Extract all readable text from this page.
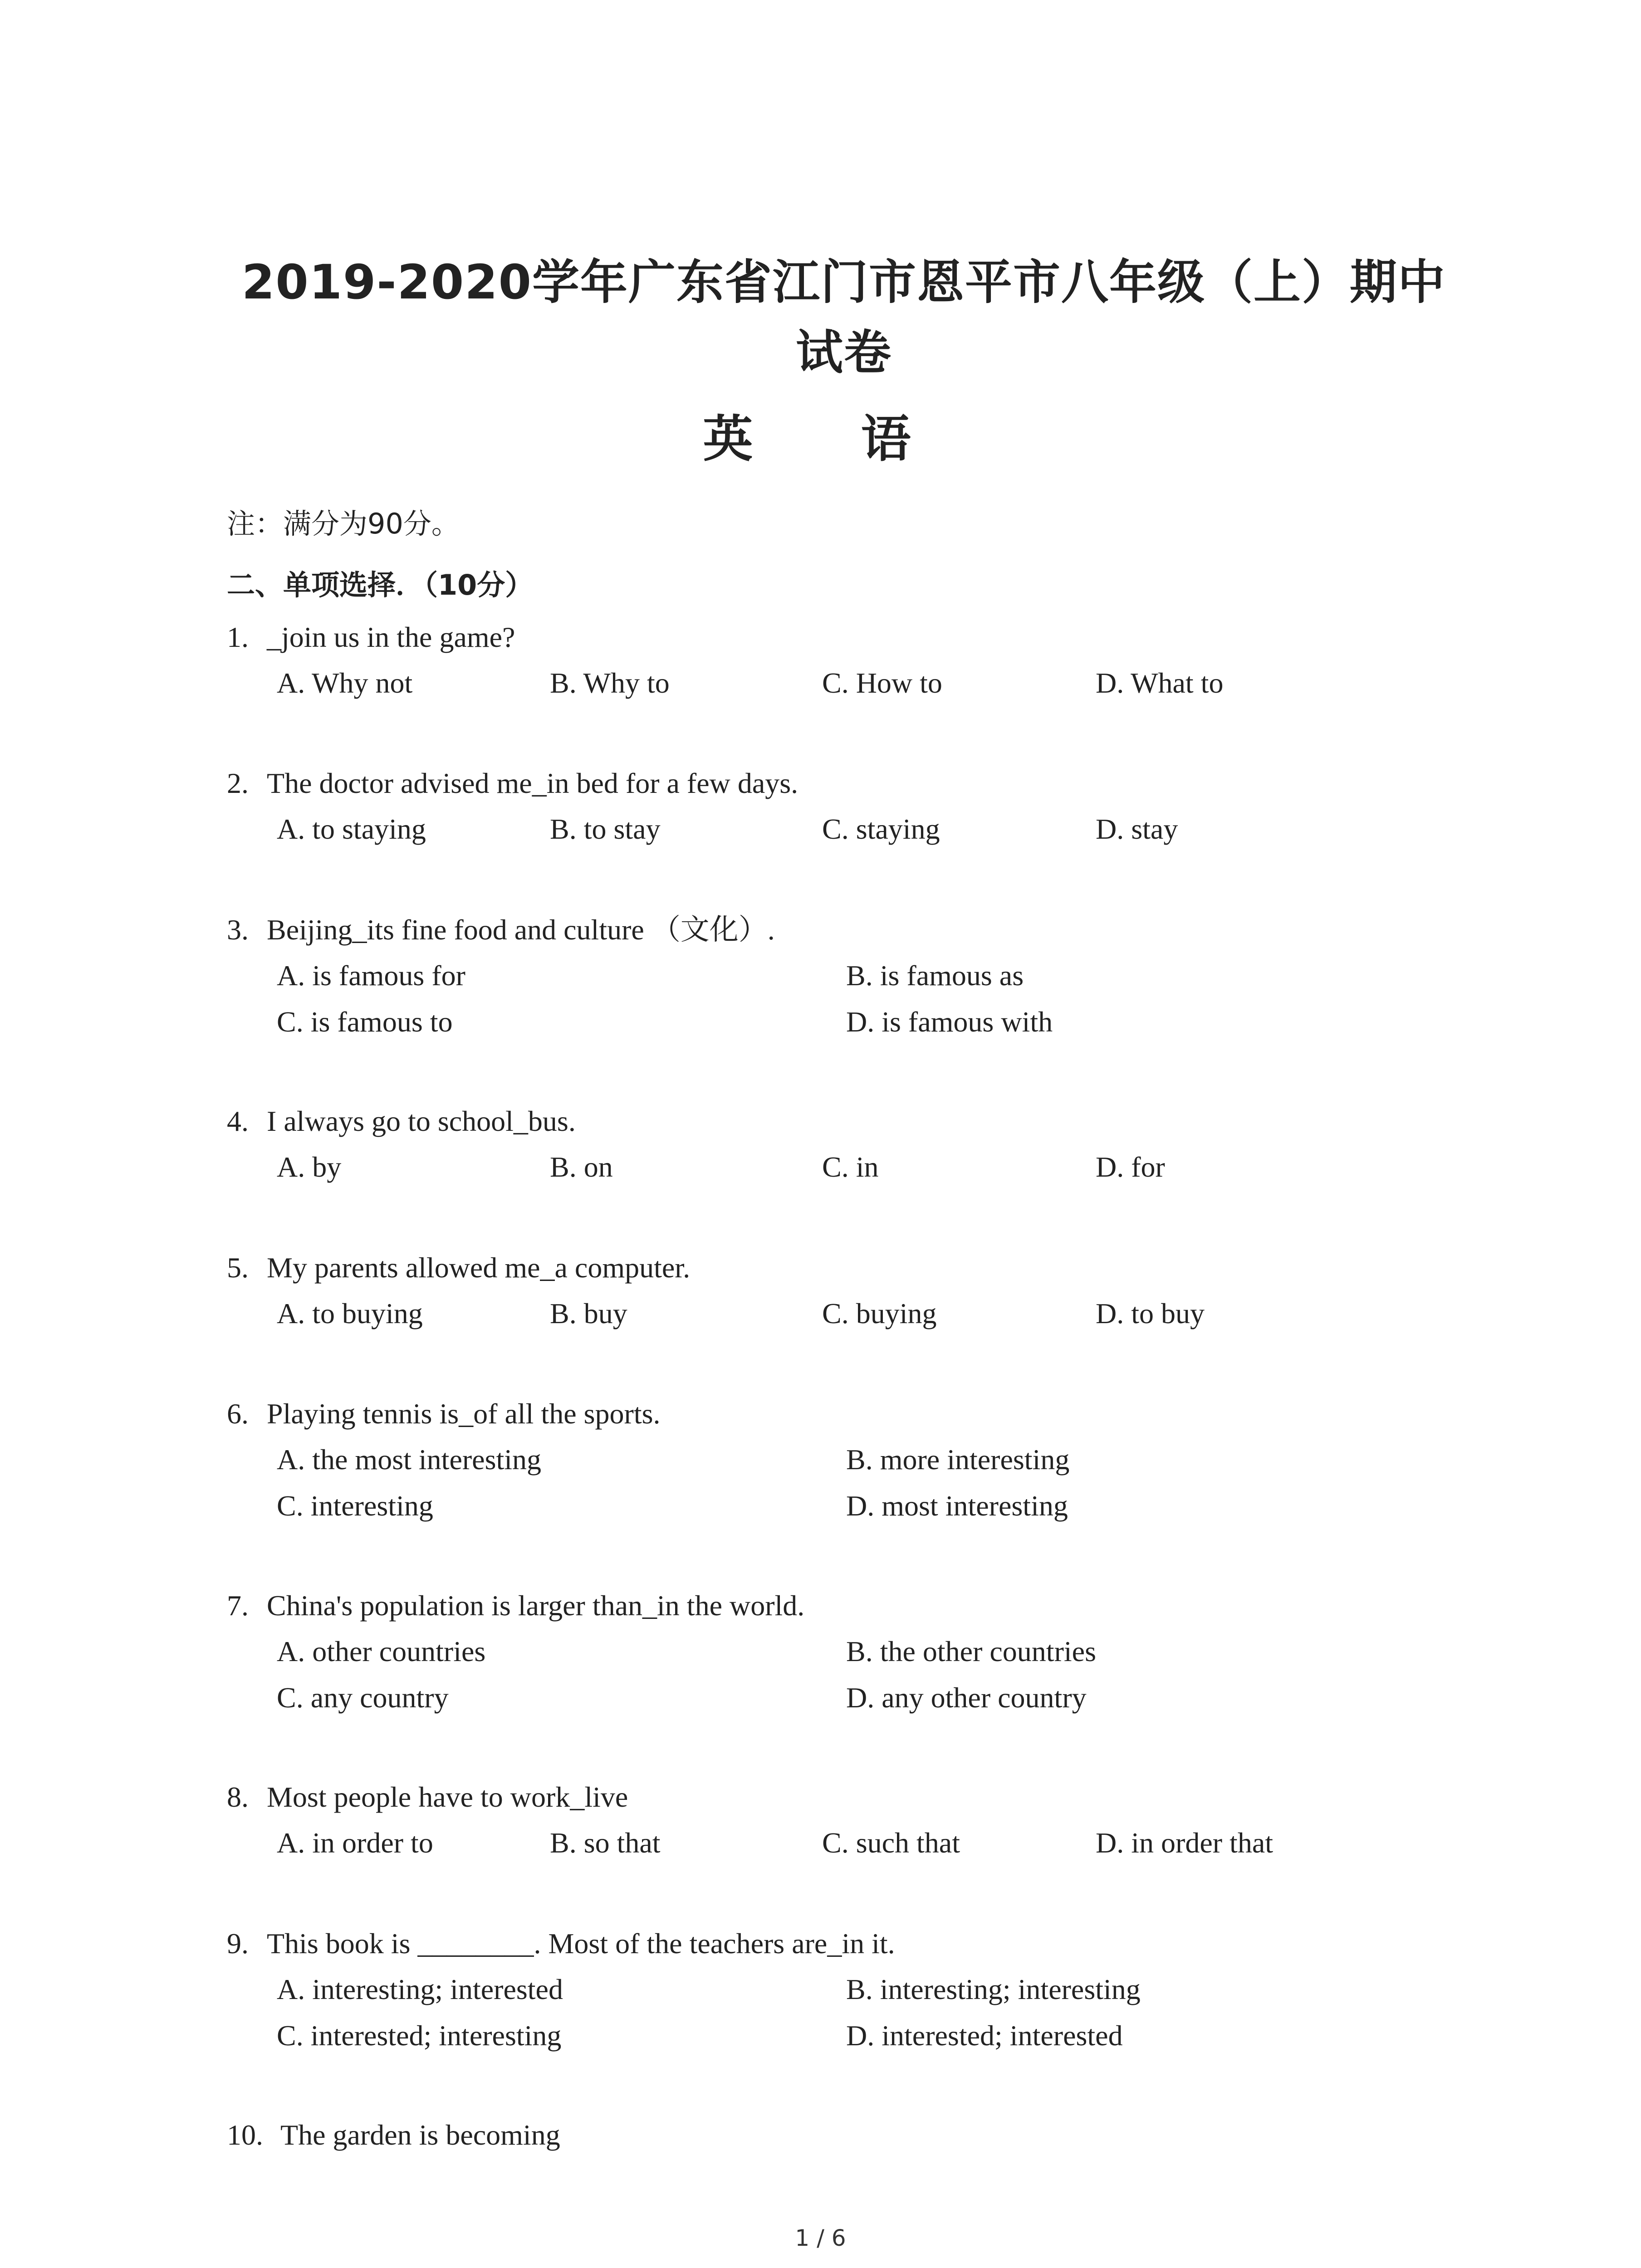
2019-2020学年广东省江门市恩平市八年级（上）期中试卷
英 语
注：满分为90分。
二、单项选择．（10分）
1. _join us in the game?
A. Why not	B. Why to	C. How to	D. What to
2. The doctor advised me_in bed for a few days.
A. to staying	B. to stay	C. staying	D. stay
3. Beijing_its fine food and culture （文化）.
A. is famous for	B. is famous as
C. is famous to	D. is famous with
4. I always go to school_bus.
A. by	B. on	C. in	D. for
5. My parents allowed me_a computer.
A. to buying	B. buy	C. buying	D. to buy
6. Playing tennis is_of all the sports.
A. the most interesting	B. more interesting
C. interesting	D. most interesting
7. China's population is larger than_in the world.
A. other countries	B. the other countries
C. any country	D. any other country
8. Most people have to work_live
A. in order to	B. so that	C. such that	D. in order that
9. This book is ________. Most of the teachers are_in it.
A. interesting; interested	B. interesting; interesting
C. interested; interesting	D. interested; interested
10. The garden is becoming
1 / 6
